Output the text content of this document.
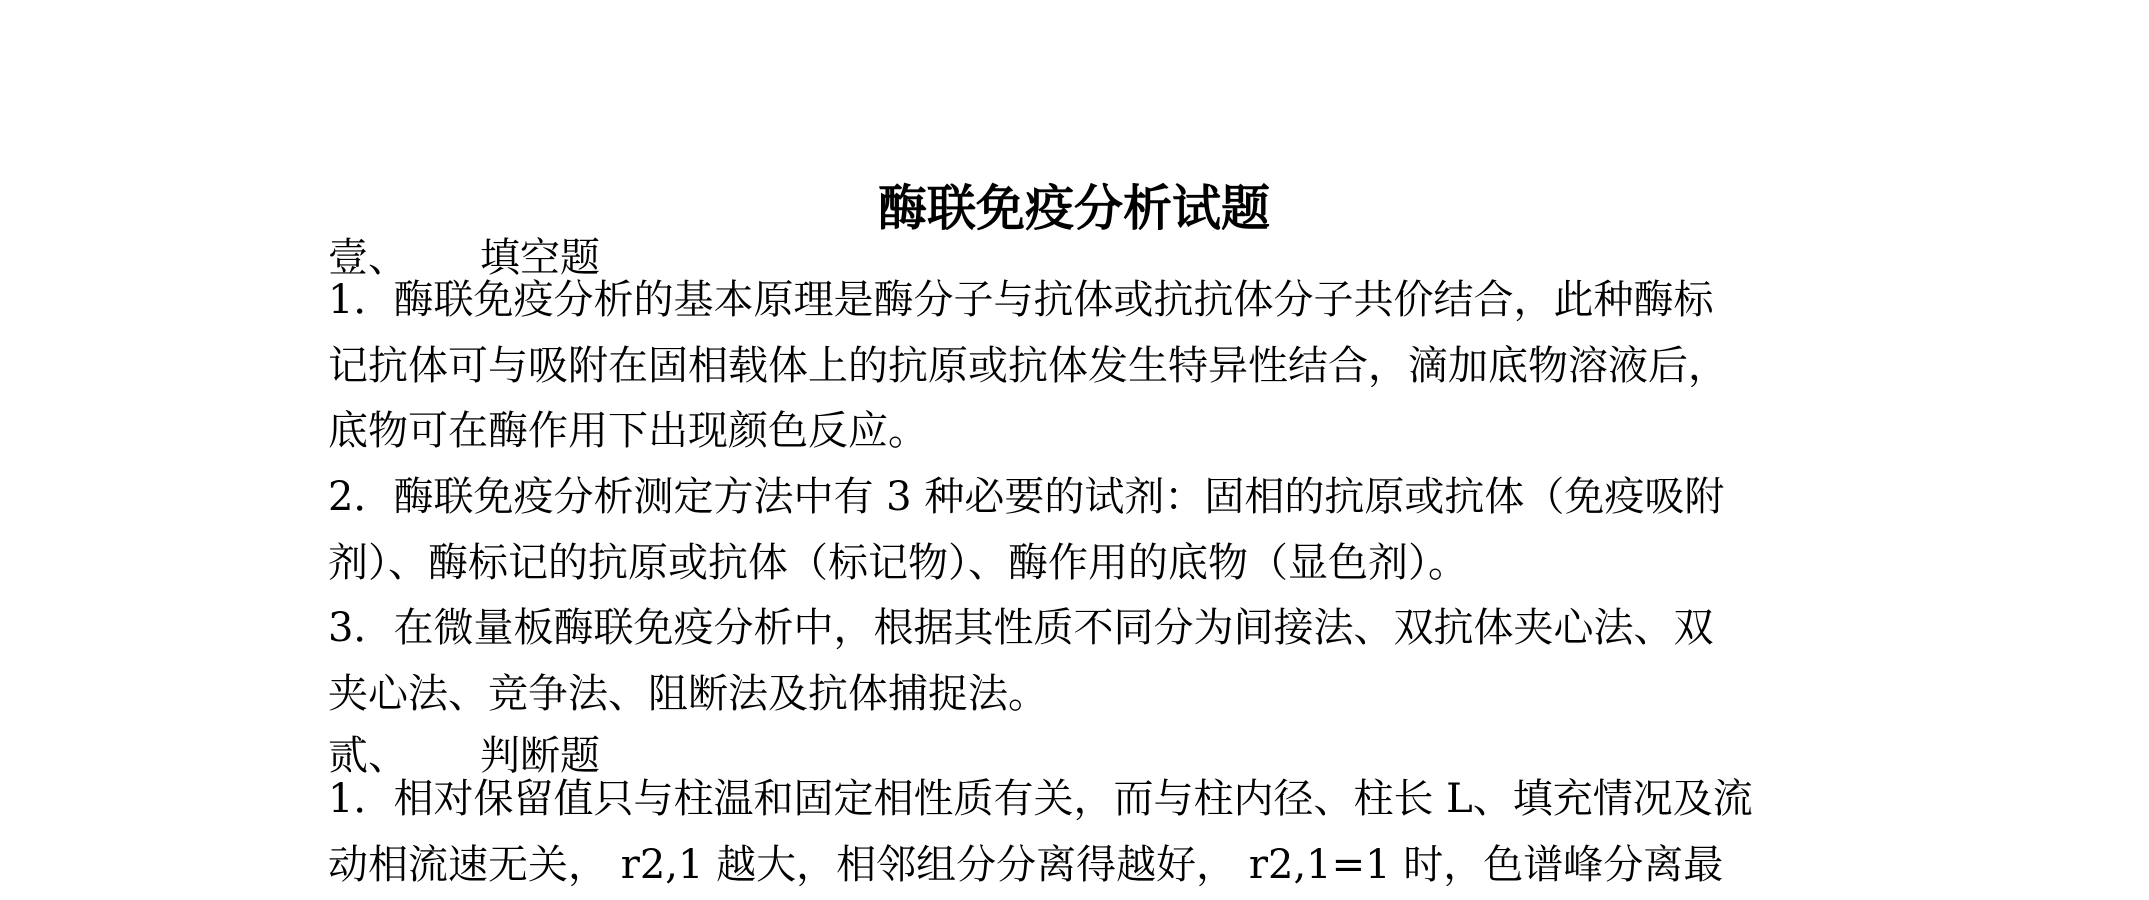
酶联免疫分析试题
壹、 填空题
1．酶联免疫分析的基本原理是酶分子与抗体或抗抗体分子共价结合，此种酶标
记抗体可与吸附在固相载体上的抗原或抗体发生特异性结合，滴加底物溶液后，
底物可在酶作用下出现颜色反应。
2．酶联免疫分析测定方法中有 3 种必要的试剂：固相的抗原或抗体（免疫吸附
剂）、酶标记的抗原或抗体（标记物）、酶作用的底物（显色剂）。
3．在微量板酶联免疫分析中，根据其性质不同分为间接法、双抗体夹心法、双
夹心法、竞争法、阻断法及抗体捕捉法。
贰、 判断题
1．相对保留值只与柱温和固定相性质有关，而与柱内径、柱长 L、填充情况及流
动相流速无关， r2,1 越大，相邻组分分离得越好， r2,1=1 时，色谱峰分离最
